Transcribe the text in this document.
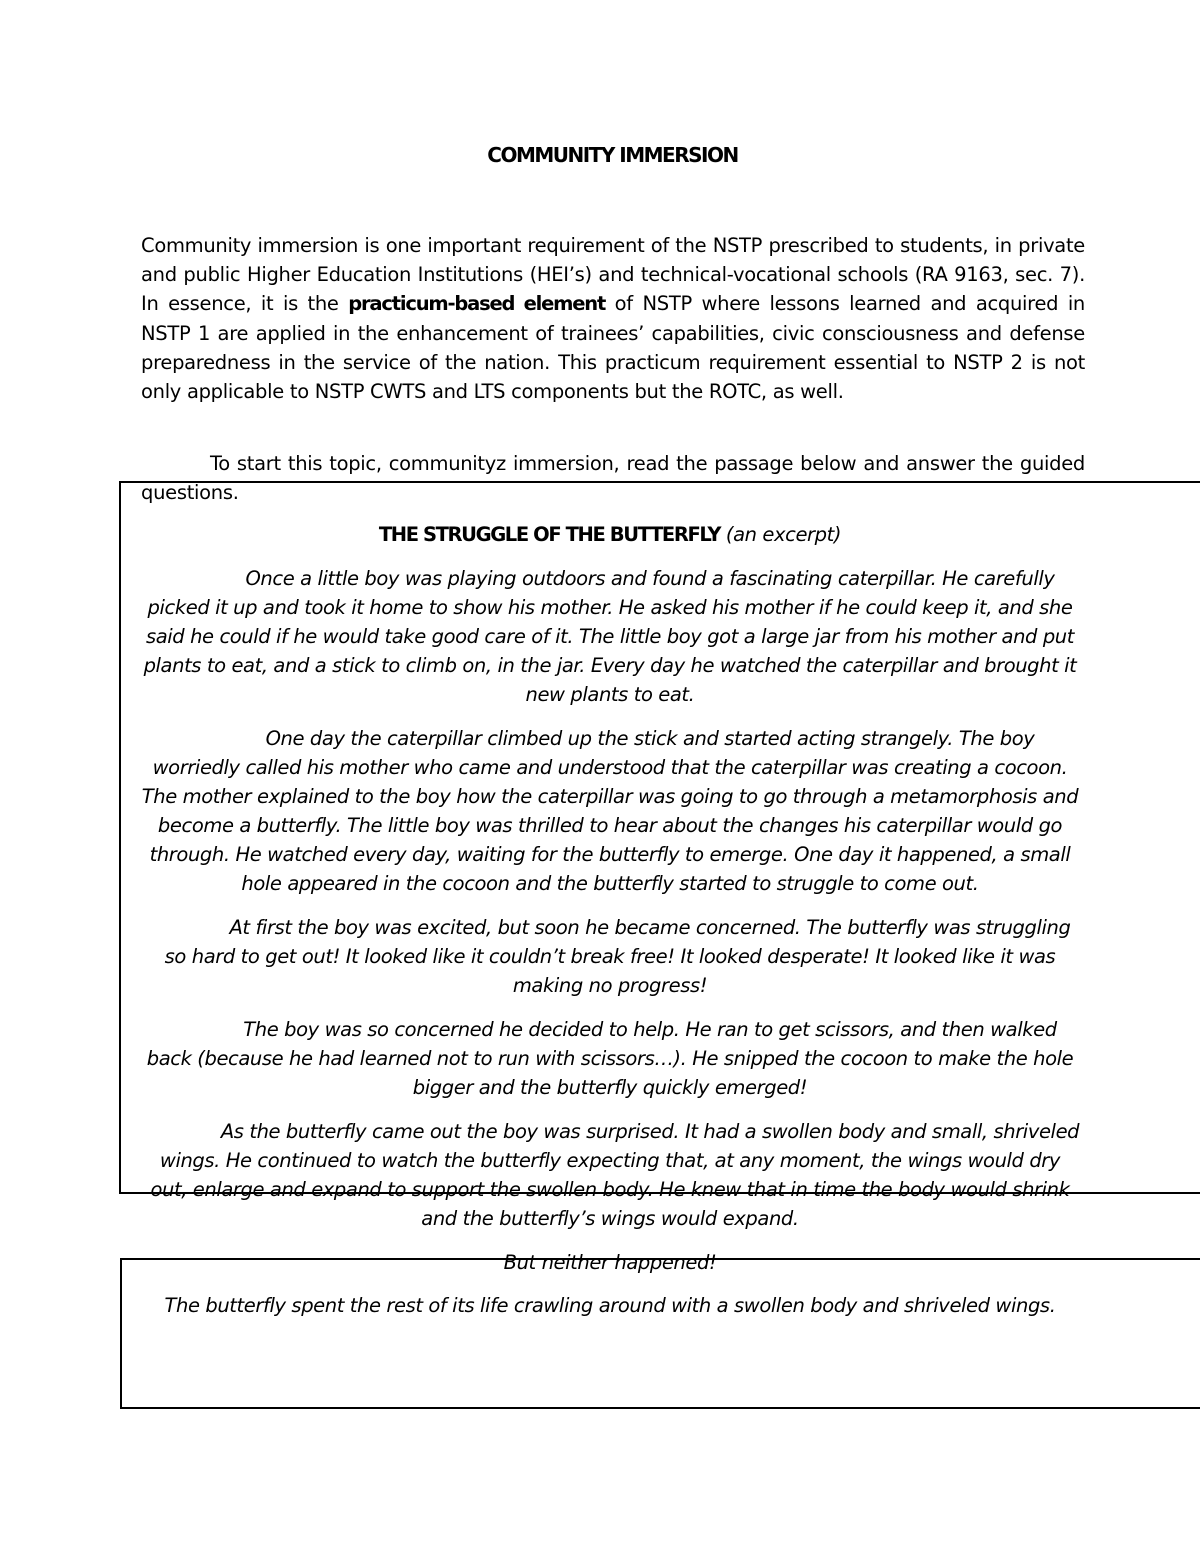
COMMUNITY IMMERSION

Community immersion is one important requirement of the NSTP prescribed to students, in private and public Higher Education Institutions (HEI’s) and technical-vocational schools (RA 9163, sec. 7). In essence, it is the practicum-based element of NSTP where lessons learned and acquired in NSTP 1 are applied in the enhancement of trainees’ capabilities, civic consciousness and defense preparedness in the service of the nation. This practicum requirement essential to NSTP 2 is not only applicable to NSTP CWTS and LTS components but the ROTC, as well.

To start this topic, communityz immersion, read the passage below and answer the guided questions.

THE STRUGGLE OF THE BUTTERFLY (an excerpt)

Once a little boy was playing outdoors and found a fascinating caterpillar. He carefully picked it up and took it home to show his mother. He asked his mother if he could keep it, and she said he could if he would take good care of it. The little boy got a large jar from his mother and put plants to eat, and a stick to climb on, in the jar. Every day he watched the caterpillar and brought it new plants to eat.

One day the caterpillar climbed up the stick and started acting strangely. The boy worriedly called his mother who came and understood that the caterpillar was creating a cocoon. The mother explained to the boy how the caterpillar was going to go through a metamorphosis and become a butterfly. The little boy was thrilled to hear about the changes his caterpillar would go through. He watched every day, waiting for the butterfly to emerge. One day it happened, a small hole appeared in the cocoon and the butterfly started to struggle to come out.

At first the boy was excited, but soon he became concerned. The butterfly was struggling so hard to get out! It looked like it couldn’t break free! It looked desperate! It looked like it was making no progress!

The boy was so concerned he decided to help. He ran to get scissors, and then walked back (because he had learned not to run with scissors…). He snipped the cocoon to make the hole bigger and the butterfly quickly emerged!

As the butterfly came out the boy was surprised. It had a swollen body and small, shriveled wings. He continued to watch the butterfly expecting that, at any moment, the wings would dry out, enlarge and expand to support the swollen body. He knew that in time the body would shrink and the butterfly’s wings would expand.

But neither happened!

The butterfly spent the rest of its life crawling around with a swollen body and shriveled wings.
